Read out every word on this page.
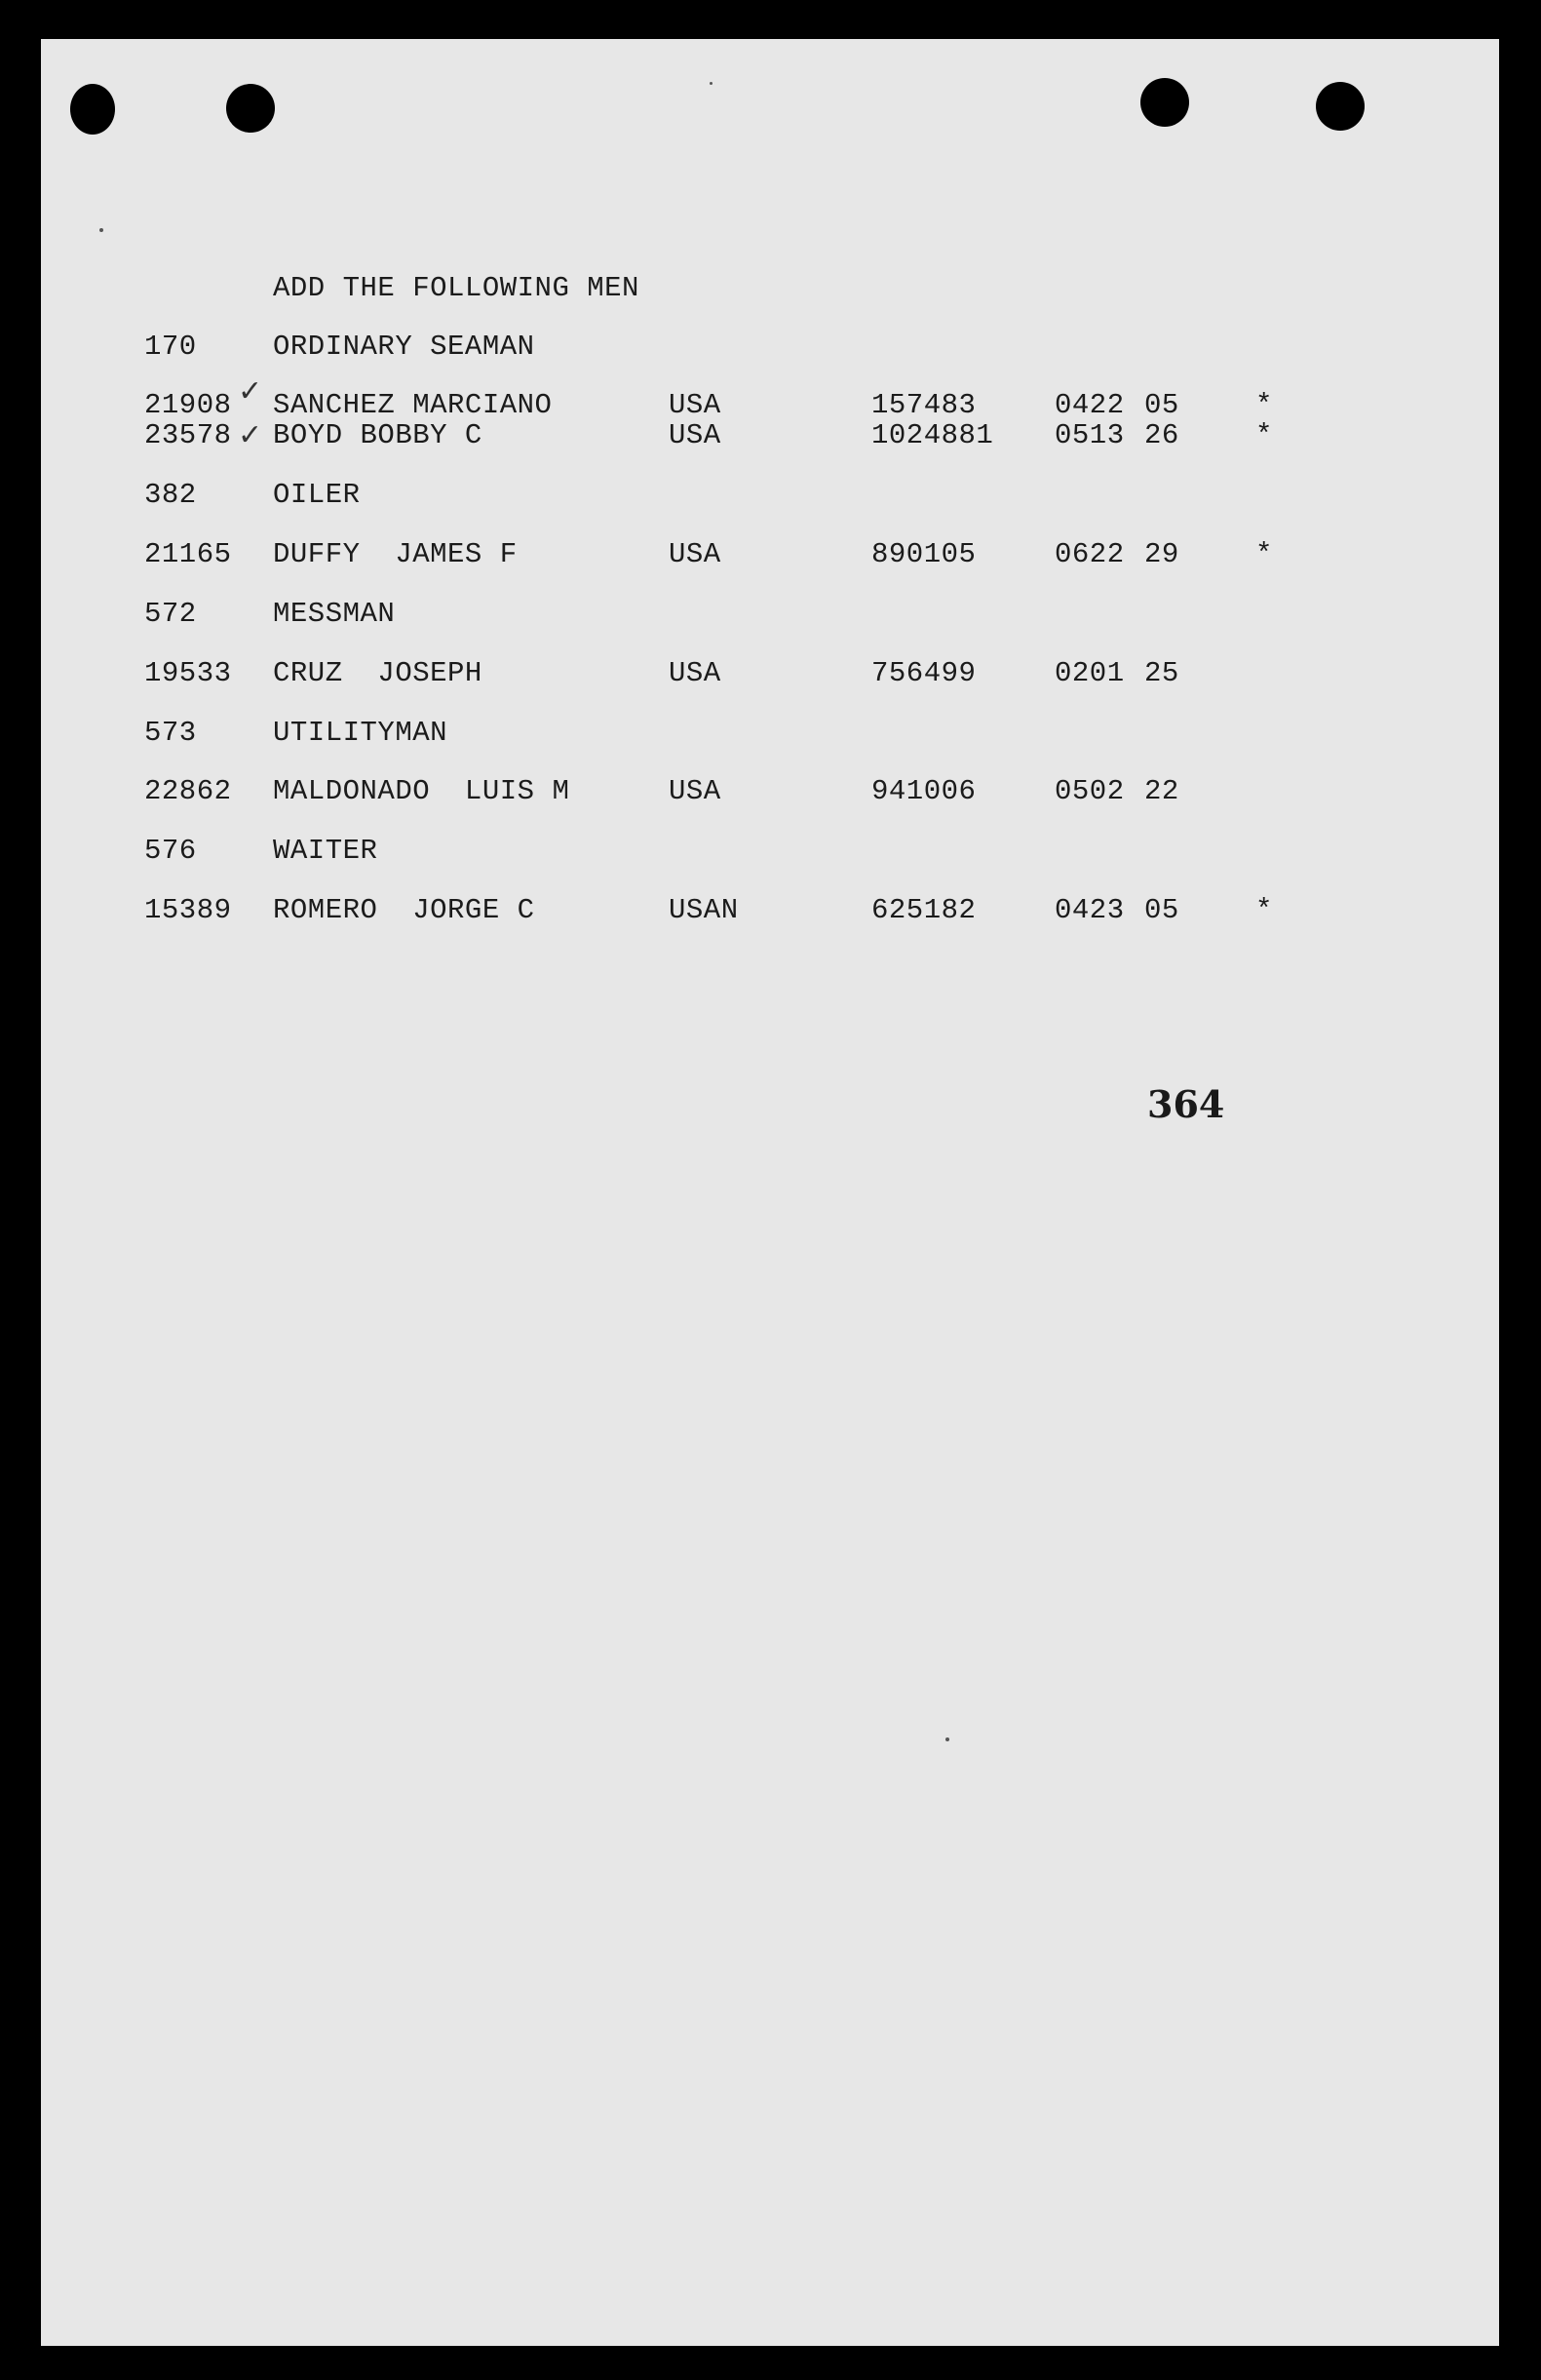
ADD THE FOLLOWING MEN
170	ORDINARY SEAMAN
21908 ✓ SANCHEZ MARCIANO	USA	157483	0422 05	*
23578 ✓ BOYD BOBBY C	USA	1024881 0513 26	*
382	OILER
21165 DUFFY  JAMES F	USA	890105	0622 29	*
572	MESSMAN
19533 CRUZ  JOSEPH	USA	756499	0201 25
573	UTILITYMAN
22862 MALDONADO  LUIS M	USA	941006	0502 22
576	WAITER
15389 ROMERO  JORGE C	USAN	625182	0423 05	*
364
